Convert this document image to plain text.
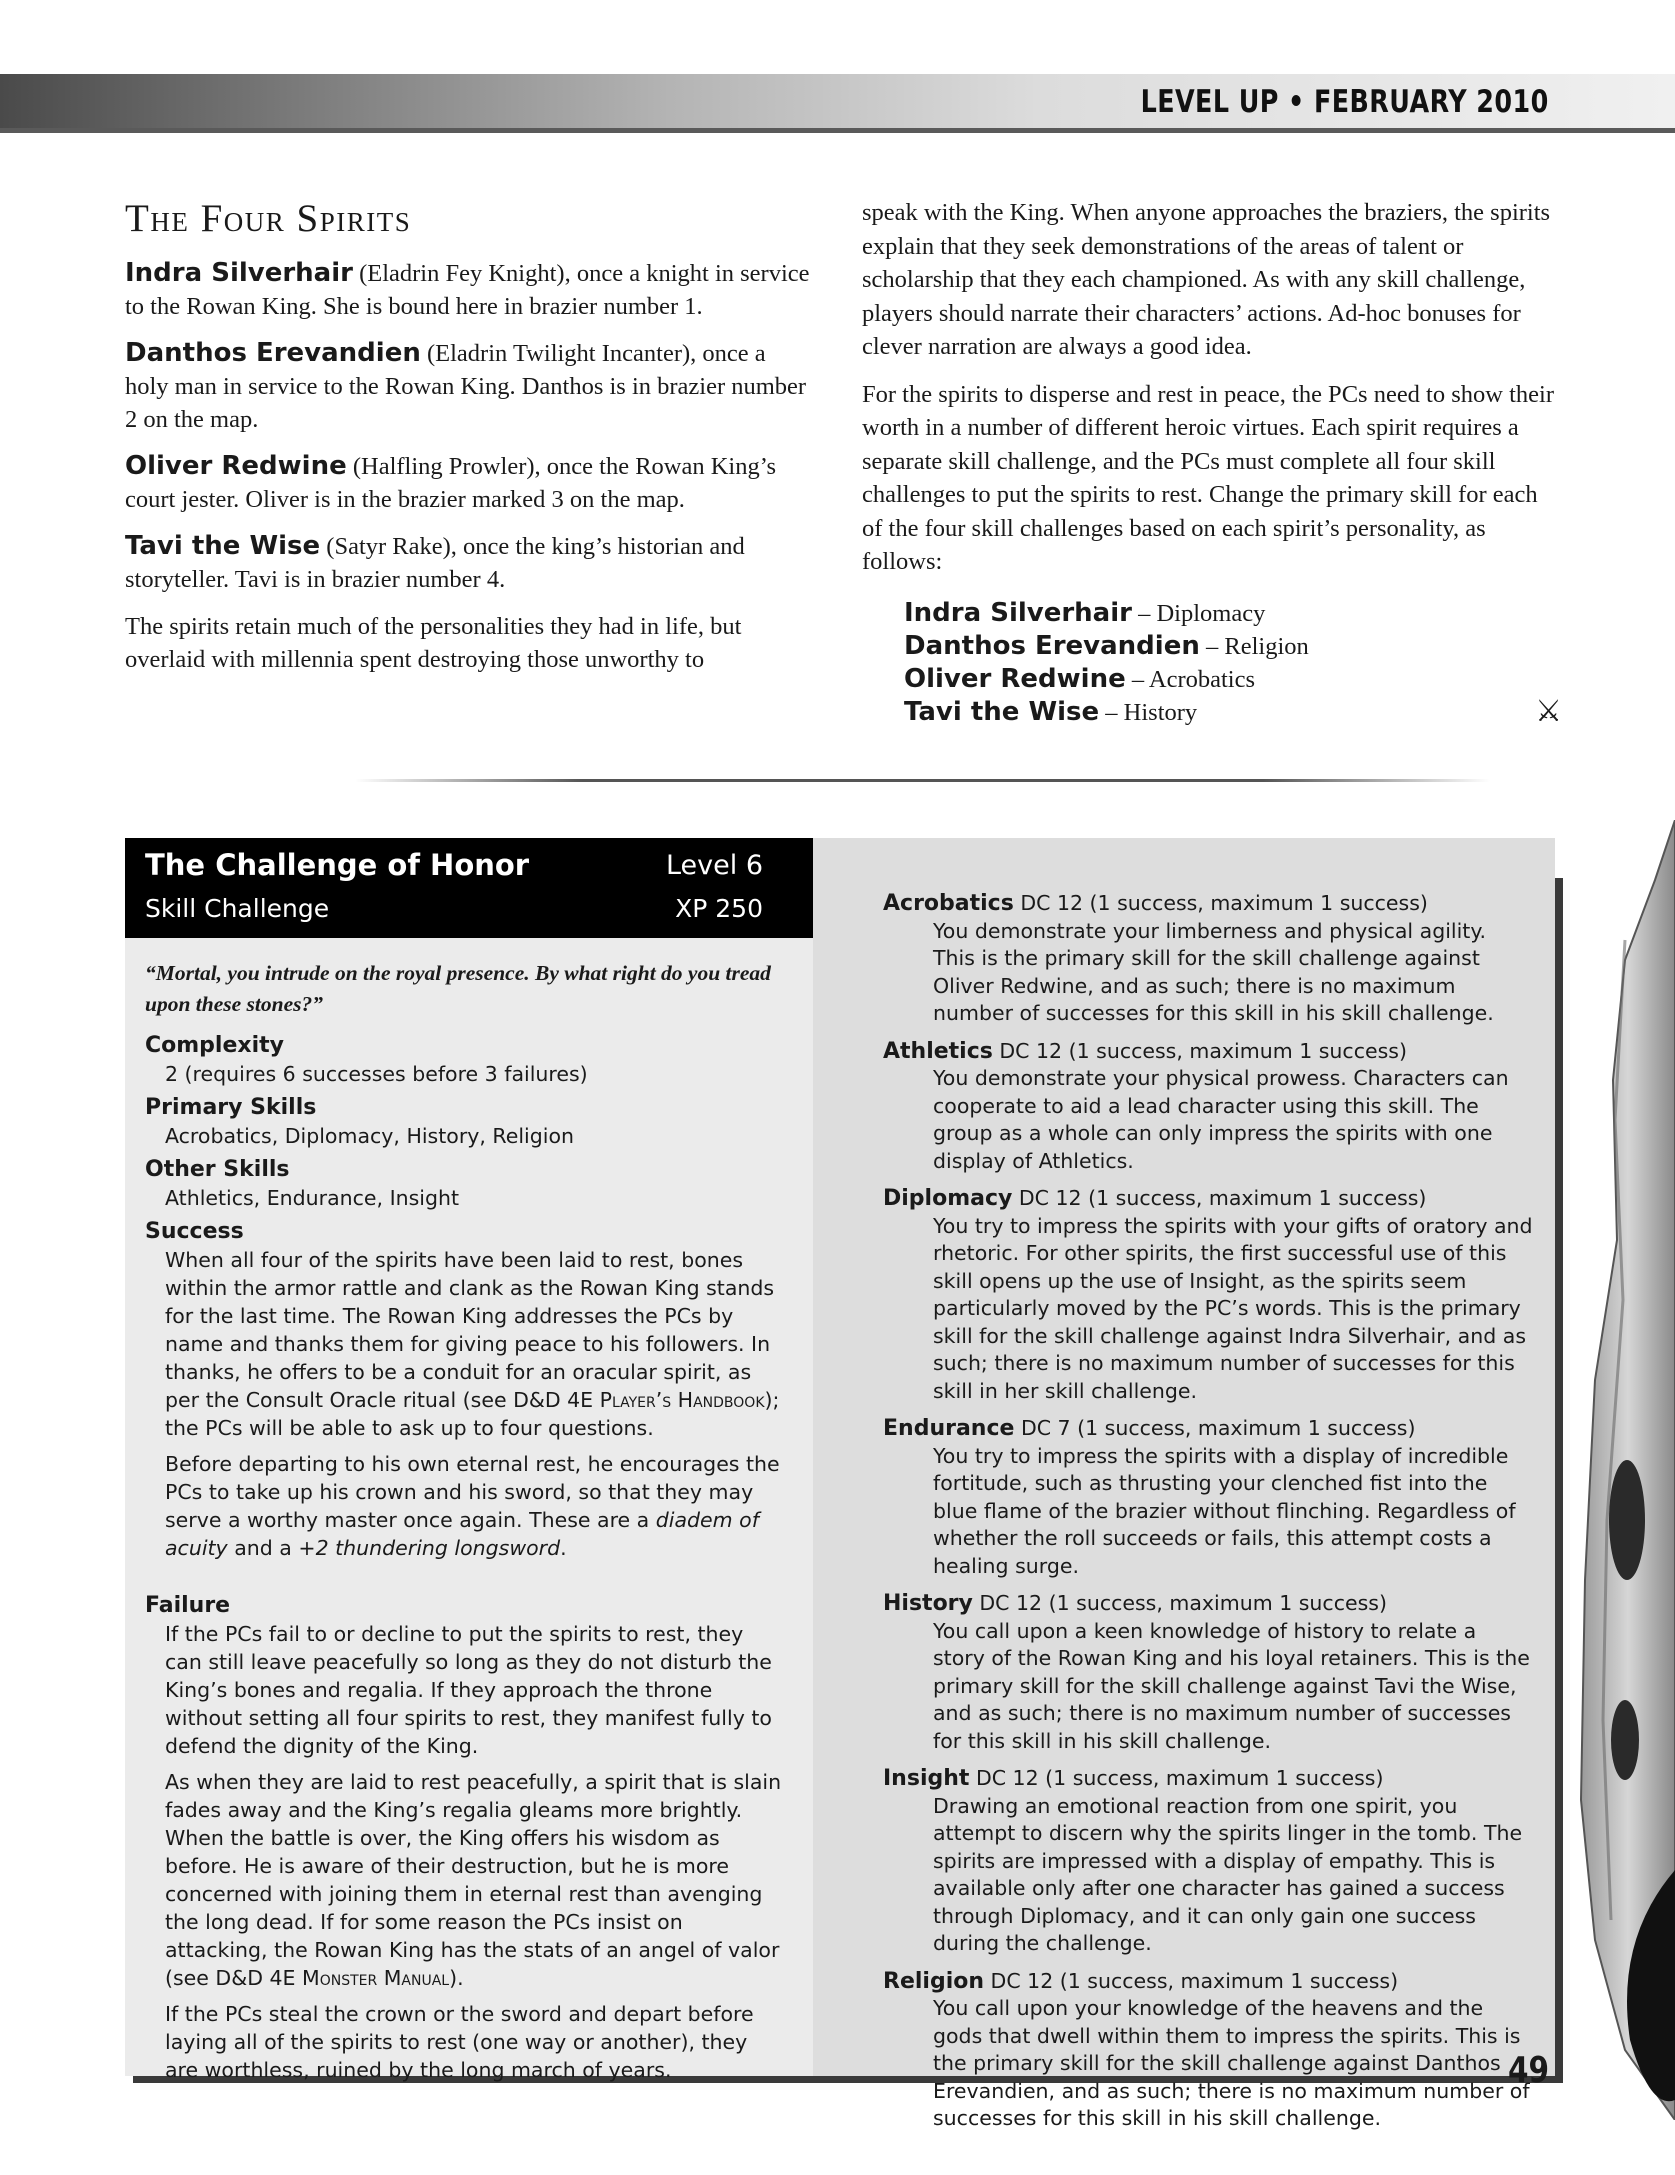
LEVEL UP • FEBRUARY 2010
The Four Spirits

Indra Silverhair (Eladrin Fey Knight), once a knight in service to the Rowan King. She is bound here in brazier number 1.

Danthos Erevandien (Eladrin Twilight Incanter), once a holy man in service to the Rowan King. Danthos is in brazier number 2 on the map.

Oliver Redwine (Halfling Prowler), once the Rowan King’s court jester. Oliver is in the brazier marked 3 on the map.

Tavi the Wise (Satyr Rake), once the king’s historian and storyteller. Tavi is in brazier number 4.

The spirits retain much of the personalities they had in life, but overlaid with millennia spent destroying those unworthy to

speak with the King. When anyone approaches the braziers, the spirits explain that they seek demonstrations of the areas of talent or scholarship that they each championed. As with any skill challenge, players should narrate their characters’ actions. Ad-hoc bonuses for clever narration are always a good idea.

For the spirits to disperse and rest in peace, the PCs need to show their worth in a number of different heroic virtues. Each spirit requires a separate skill challenge, and the PCs must complete all four skill challenges to put the spirits to rest. Change the primary skill for each of the four skill challenges based on each spirit’s personality, as follows:

Indra Silverhair – Diplomacy
Danthos Erevandien – Religion
Oliver Redwine – Acrobatics
Tavi the Wise – History	⚔
The Challenge of Honor	Level 6
Skill Challenge	XP 250
“Mortal, you intrude on the royal presence. By what right do you tread upon these stones?”
Complexity
2 (requires 6 successes before 3 failures)
Primary Skills
Acrobatics, Diplomacy, History, Religion
Other Skills
Athletics, Endurance, Insight
Success

When all four of the spirits have been laid to rest, bones within the armor rattle and clank as the Rowan King stands for the last time. The Rowan King addresses the PCs by name and thanks them for giving peace to his followers. In thanks, he offers to be a conduit for an oracular spirit, as per the Consult Oracle ritual (see D&D 4E Player’s Handbook); the PCs will be able to ask up to four questions.

Before departing to his own eternal rest, he encourages the PCs to take up his crown and his sword, so that they may serve a worthy master once again. These are a diadem of acuity and a +2 thundering longsword.

Failure

If the PCs fail to or decline to put the spirits to rest, they can still leave peacefully so long as they do not disturb the King’s bones and regalia. If they approach the throne without setting all four spirits to rest, they manifest fully to defend the dignity of the King.

As when they are laid to rest peacefully, a spirit that is slain fades away and the King’s regalia gleams more brightly. When the battle is over, the King offers his wisdom as before. He is aware of their destruction, but he is more concerned with joining them in eternal rest than avenging the long dead. If for some reason the PCs insist on attacking, the Rowan King has the stats of an angel of valor (see D&D 4E Monster Manual).

If the PCs steal the crown or the sword and depart before laying all of the spirits to rest (one way or another), they are worthless, ruined by the long march of years.

Acrobatics DC 12 (1 success, maximum 1 success)
You demonstrate your limberness and physical agility. This is the primary skill for the skill challenge against Oliver Redwine, and as such; there is no maximum number of successes for this skill in his skill challenge.
Athletics DC 12 (1 success, maximum 1 success)
You demonstrate your physical prowess. Characters can cooperate to aid a lead character using this skill. The group as a whole can only impress the spirits with one display of Athletics.
Diplomacy DC 12 (1 success, maximum 1 success)
You try to impress the spirits with your gifts of oratory and rhetoric. For other spirits, the first successful use of this skill opens up the use of Insight, as the spirits seem particularly moved by the PC’s words. This is the primary skill for the skill challenge against Indra Silverhair, and as such; there is no maximum number of successes for this skill in her skill challenge.
Endurance DC 7 (1 success, maximum 1 success)
You try to impress the spirits with a display of incredible fortitude, such as thrusting your clenched fist into the blue flame of the brazier without flinching. Regardless of whether the roll succeeds or fails, this attempt costs a healing surge.
History DC 12 (1 success, maximum 1 success)
You call upon a keen knowledge of history to relate a story of the Rowan King and his loyal retainers. This is the primary skill for the skill challenge against Tavi the Wise, and as such; there is no maximum number of successes for this skill in his skill challenge.
Insight DC 12 (1 success, maximum 1 success)
Drawing an emotional reaction from one spirit, you attempt to discern why the spirits linger in the tomb. The spirits are impressed with a display of empathy. This is available only after one character has gained a success through Diplomacy, and it can only gain one success during the challenge.
Religion DC 12 (1 success, maximum 1 success)
You call upon your knowledge of the heavens and the gods that dwell within them to impress the spirits. This is the primary skill for the skill challenge against Danthos Erevandien, and as such; there is no maximum number of successes for this skill in his skill challenge.
49
